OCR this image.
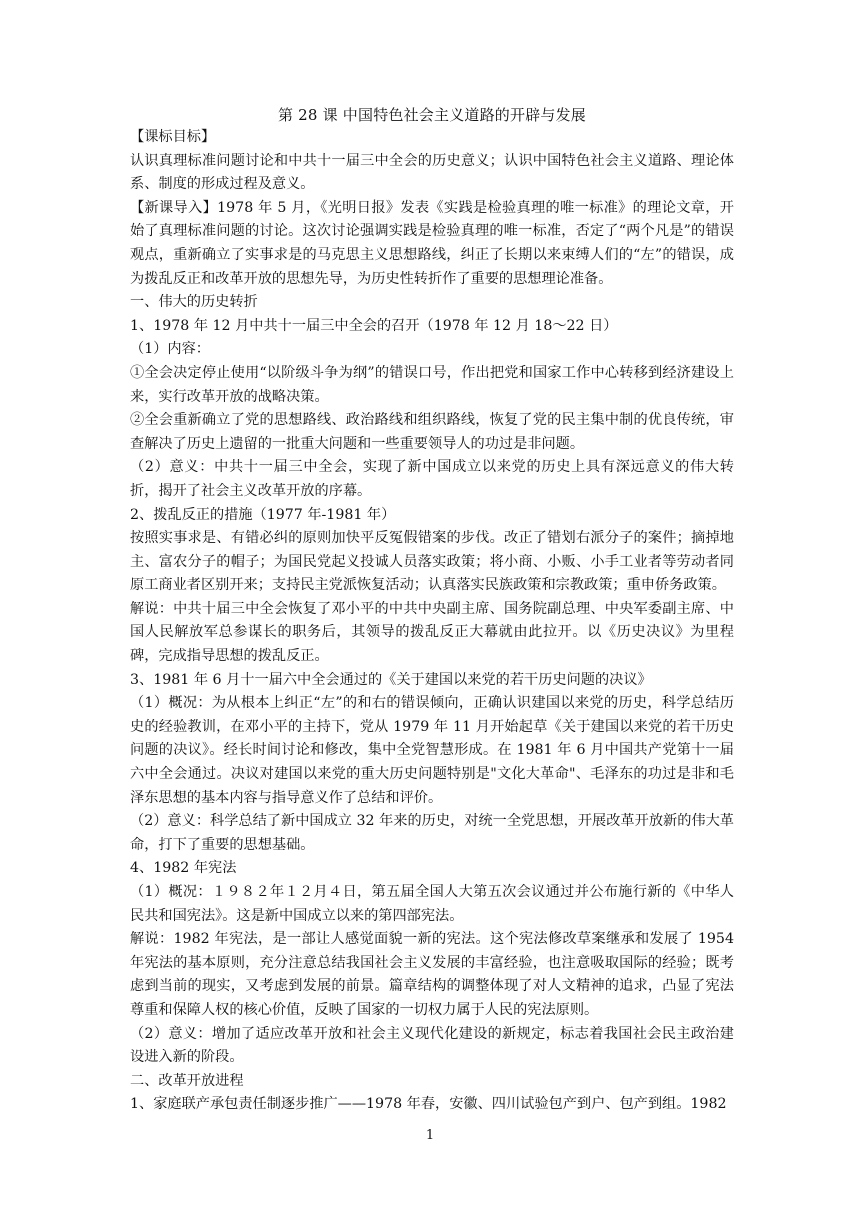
第 28 课 中国特色社会主义道路的开辟与发展

【课标目标】

认识真理标准问题讨论和中共十一届三中全会的历史意义；认识中国特色社会主义道路、理论体系、制度的形成过程及意义。

【新课导入】1978 年 5 月，《光明日报》发表《实践是检验真理的唯一标准》的理论文章，开始了真理标准问题的讨论。这次讨论强调实践是检验真理的唯一标准，否定了“两个凡是”的错误观点，重新确立了实事求是的马克思主义思想路线，纠正了长期以来束缚人们的“左”的错误，成为拨乱反正和改革开放的思想先导，为历史性转折作了重要的思想理论准备。

一、伟大的历史转折

1、1978 年 12 月中共十一届三中全会的召开（1978 年 12 月 18～22 日）

（1）内容：

①全会决定停止使用“以阶级斗争为纲”的错误口号，作出把党和国家工作中心转移到经济建设上来，实行改革开放的战略决策。

②全会重新确立了党的思想路线、政治路线和组织路线，恢复了党的民主集中制的优良传统，审查解决了历史上遗留的一批重大问题和一些重要领导人的功过是非问题。

（2）意义：中共十一届三中全会，实现了新中国成立以来党的历史上具有深远意义的伟大转折，揭开了社会主义改革开放的序幕。

2、拨乱反正的措施（1977 年-1981 年）

按照实事求是、有错必纠的原则加快平反冤假错案的步伐。改正了错划右派分子的案件；摘掉地主、富农分子的帽子；为国民党起义投诚人员落实政策；将小商、小贩、小手工业者等劳动者同原工商业者区别开来；支持民主党派恢复活动；认真落实民族政策和宗教政策；重申侨务政策。

解说：中共十届三中全会恢复了邓小平的中共中央副主席、国务院副总理、中央军委副主席、中国人民解放军总参谋长的职务后，其领导的拨乱反正大幕就由此拉开。以《历史决议》为里程碑，完成指导思想的拨乱反正。

3、1981 年 6 月十一届六中全会通过的《关于建国以来党的若干历史问题的决议》

（1）概况：为从根本上纠正“左”的和右的错误倾向，正确认识建国以来党的历史，科学总结历史的经验教训，在邓小平的主持下，党从 1979 年 11 月开始起草《关于建国以来党的若干历史问题的决议》。经长时间讨论和修改，集中全党智慧形成。在 1981 年 6 月中国共产党第十一届六中全会通过。决议对建国以来党的重大历史问题特别是"文化大革命"、毛泽东的功过是非和毛泽东思想的基本内容与指导意义作了总结和评价。

（2）意义：科学总结了新中国成立 32 年来的历史，对统一全党思想，开展改革开放新的伟大革命，打下了重要的思想基础。

4、1982 年宪法

（1）概况：１９８２年１２月４日，第五届全国人大第五次会议通过并公布施行新的《中华人民共和国宪法》。这是新中国成立以来的第四部宪法。

解说：1982 年宪法，是一部让人感觉面貌一新的宪法。这个宪法修改草案继承和发展了 1954 年宪法的基本原则，充分注意总结我国社会主义发展的丰富经验，也注意吸取国际的经验；既考虑到当前的现实，又考虑到发展的前景。篇章结构的调整体现了对人文精神的追求，凸显了宪法尊重和保障人权的核心价值，反映了国家的一切权力属于人民的宪法原则。

（2）意义：增加了适应改革开放和社会主义现代化建设的新规定，标志着我国社会民主政治建设进入新的阶段。

二、改革开放进程

1、家庭联产承包责任制逐步推广——1978 年春，安徽、四川试验包产到户、包产到组。1982

1
